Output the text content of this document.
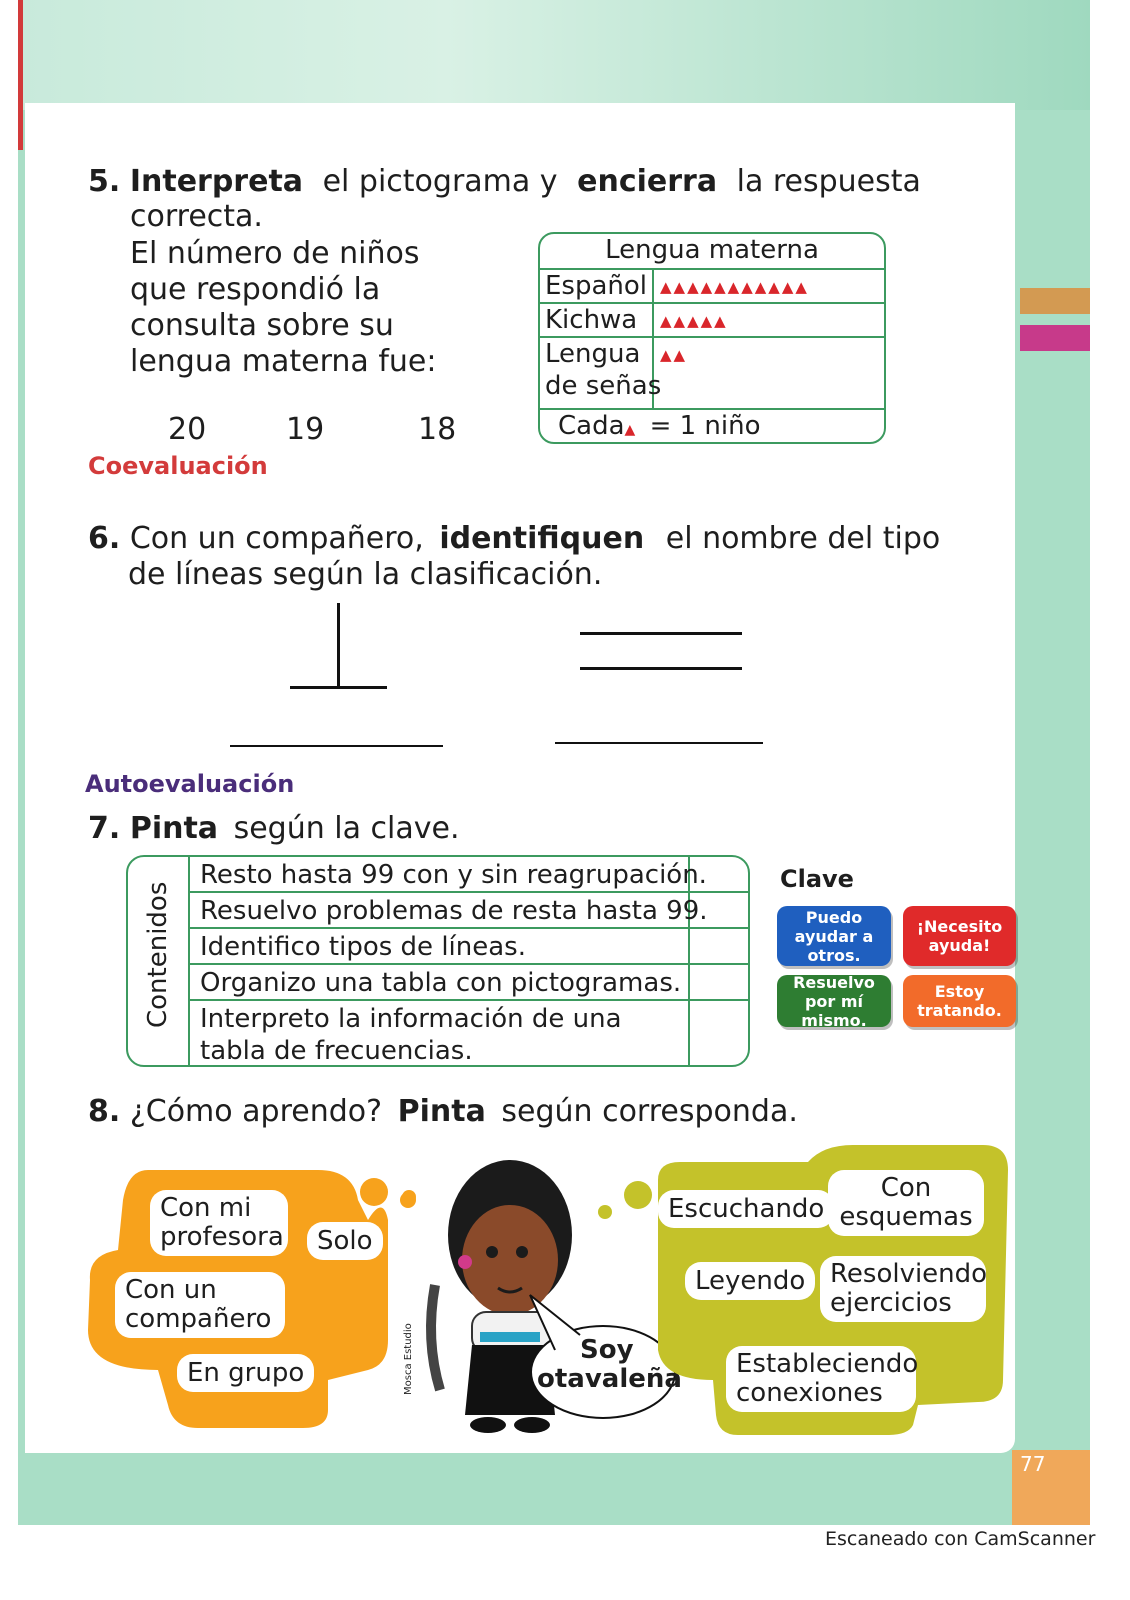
77
5. Interpreta el pictograma y encierra la respuesta
correcta.
El número de niños
que respondió la
consulta sobre su
lengua materna fue:
20	19	18
Lengua materna
Español ▲▲▲▲▲▲▲▲▲▲▲
Kichwa ▲▲▲▲▲
Lengua
de señas
▲▲
Cada▲ = 1 niño
Coevaluación
6. Con un compañero, identifiquen el nombre del tipo
de líneas según la clasificación.
Autoevaluación
7. Pinta según la clave.
Contenidos
Resto hasta 99 con y sin reagrupación.
Resuelvo problemas de resta hasta 99.
Identifico tipos de líneas.
Organizo una tabla con pictogramas.
Interpreto la información de una
tabla de frecuencias.
Clave
Puedo ayudar a otros.
¡Necesito ayuda!
Resuelvo por mí mismo.
Estoy tratando.
8. ¿Cómo aprendo? Pinta según corresponda.
Con mi profesora	Solo
Con un compañero
En grupo	Mosca Estudio	Soy
otavaleña
Escuchando
Con esquemas
Leyendo Resolviendo ejercicios
Estableciendo conexiones
Escaneado con CamScanner
